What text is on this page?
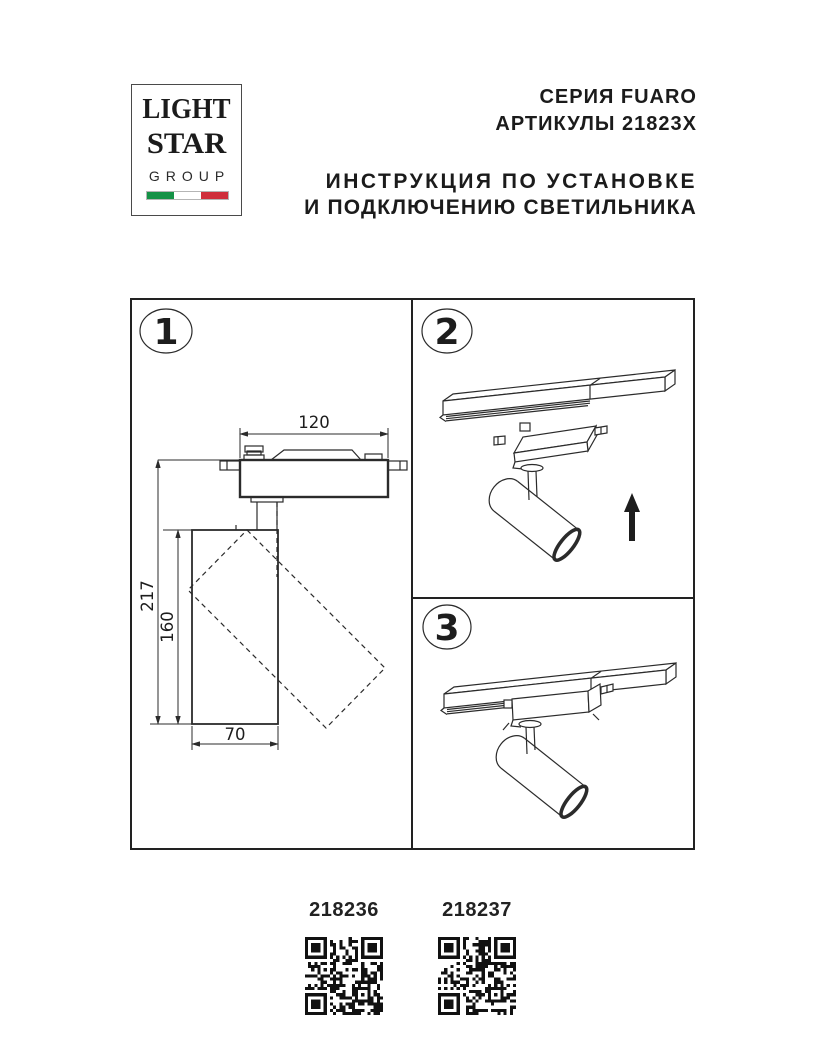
LIGHT
STAR
GROUP
СЕРИЯ FUARO
АРТИКУЛЫ 21823X
ИНСТРУКЦИЯ ПО УСТАНОВКЕ
И ПОДКЛЮЧЕНИЮ СВЕТИЛЬНИКА
1
120
217
160
70
2
3
218236	218237
